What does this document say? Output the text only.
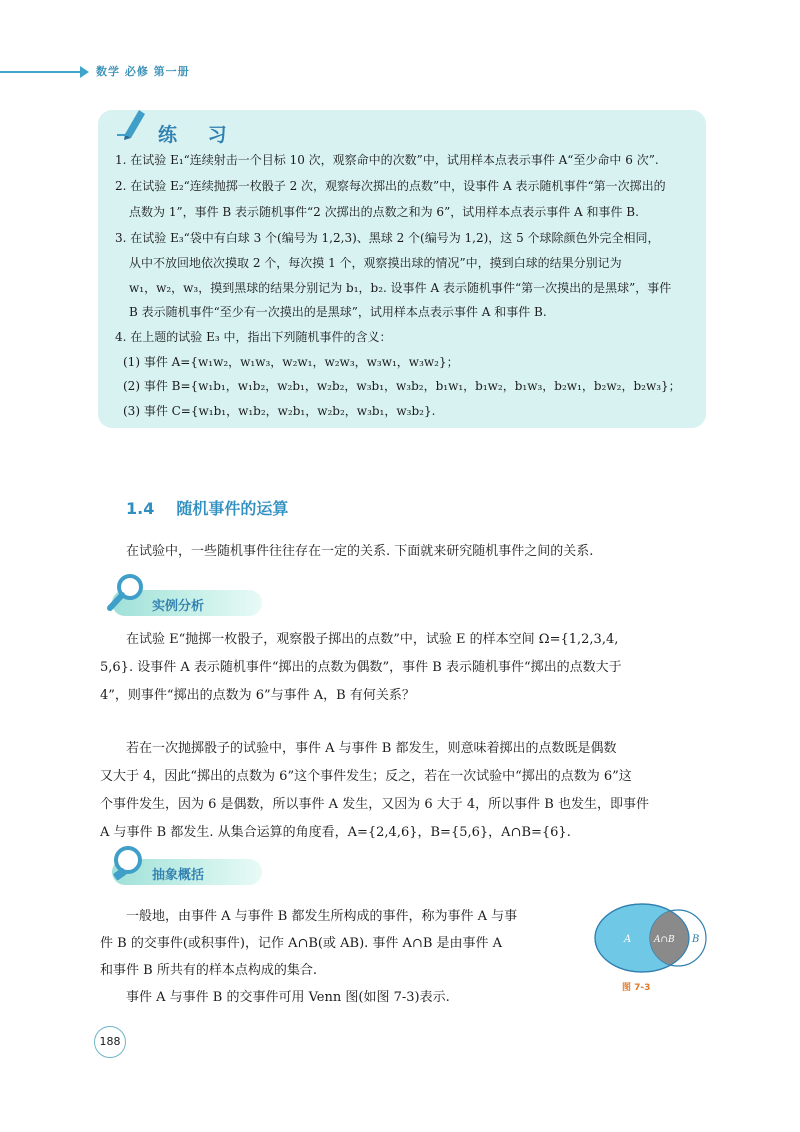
数学 必修 第一册
练 习
1. 在试验 E₁“连续射击一个目标 10 次，观察命中的次数”中，试用样本点表示事件 A“至少命中 6 次”.
2. 在试验 E₂“连续抛掷一枚骰子 2 次，观察每次掷出的点数”中，设事件 A 表示随机事件“第一次掷出的
点数为 1”，事件 B 表示随机事件“2 次掷出的点数之和为 6”，试用样本点表示事件 A 和事件 B.
3. 在试验 E₃“袋中有白球 3 个(编号为 1,2,3)、黑球 2 个(编号为 1,2)，这 5 个球除颜色外完全相同，
从中不放回地依次摸取 2 个，每次摸 1 个，观察摸出球的情况”中，摸到白球的结果分别记为
w₁，w₂，w₃，摸到黑球的结果分别记为 b₁，b₂. 设事件 A 表示随机事件“第一次摸出的是黑球”，事件
B 表示随机事件“至少有一次摸出的是黑球”，试用样本点表示事件 A 和事件 B.
4. 在上题的试验 E₃ 中，指出下列随机事件的含义：
(1) 事件 A={w₁w₂，w₁w₃，w₂w₁，w₂w₃，w₃w₁，w₃w₂}；
(2) 事件 B={w₁b₁，w₁b₂，w₂b₁，w₂b₂，w₃b₁，w₃b₂，b₁w₁，b₁w₂，b₁w₃，b₂w₁，b₂w₂，b₂w₃}；
(3) 事件 C={w₁b₁，w₁b₂，w₂b₁，w₂b₂，w₃b₁，w₃b₂}.
1.4 随机事件的运算
在试验中，一些随机事件往往存在一定的关系. 下面就来研究随机事件之间的关系.
实例分析
在试验 E“抛掷一枚骰子，观察骰子掷出的点数”中，试验 E 的样本空间 Ω={1,2,3,4,
5,6}. 设事件 A 表示随机事件“掷出的点数为偶数”，事件 B 表示随机事件“掷出的点数大于
4”，则事件“掷出的点数为 6”与事件 A，B 有何关系？
若在一次抛掷骰子的试验中，事件 A 与事件 B 都发生，则意味着掷出的点数既是偶数
又大于 4，因此“掷出的点数为 6”这个事件发生；反之，若在一次试验中“掷出的点数为 6”这
个事件发生，因为 6 是偶数，所以事件 A 发生，又因为 6 大于 4，所以事件 B 也发生，即事件
A 与事件 B 都发生. 从集合运算的角度看，A={2,4,6}，B={5,6}，A∩B={6}.
抽象概括
一般地，由事件 A 与事件 B 都发生所构成的事件，称为事件 A 与事
件 B 的交事件(或积事件)，记作 A∩B(或 AB). 事件 A∩B 是由事件 A
和事件 B 所共有的样本点构成的集合.
事件 A 与事件 B 的交事件可用 Venn 图(如图 7-3)表示.
A	A∩B B
图 7-3
188
